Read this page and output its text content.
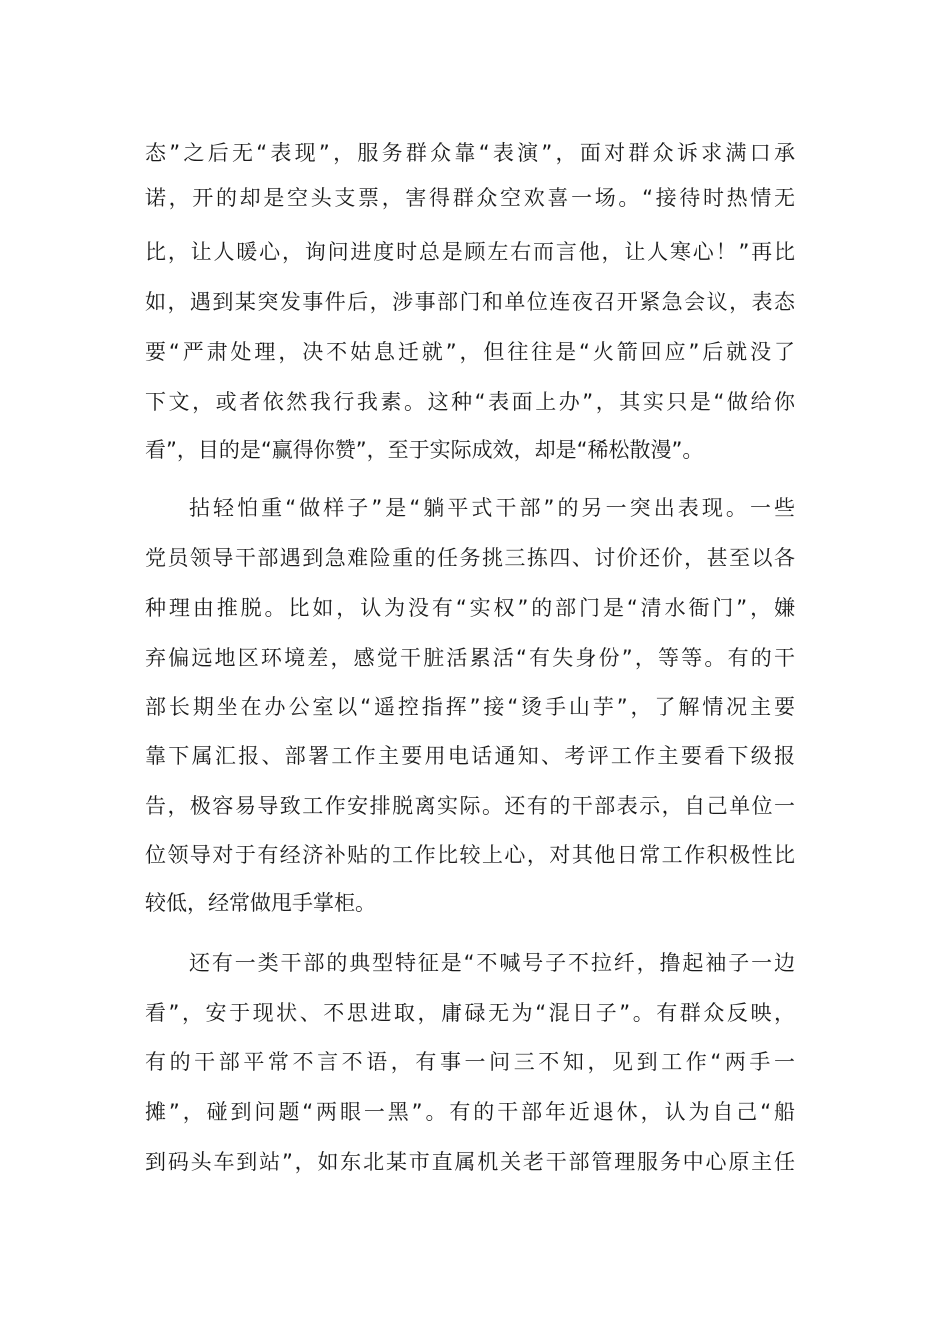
态”之后无“表现”，服务群众靠“表演”，面对群众诉求满口承
诺，开的却是空头支票，害得群众空欢喜一场。“接待时热情无
比，让人暖心，询问进度时总是顾左右而言他，让人寒心！”再比
如，遇到某突发事件后，涉事部门和单位连夜召开紧急会议，表态
要“严肃处理，决不姑息迁就”，但往往是“火箭回应”后就没了
下文，或者依然我行我素。这种“表面上办”，其实只是“做给你
看”，目的是“赢得你赞”，至于实际成效，却是“稀松散漫”。
拈轻怕重“做样子”是“躺平式干部”的另一突出表现。一些
党员领导干部遇到急难险重的任务挑三拣四、讨价还价，甚至以各
种理由推脱。比如，认为没有“实权”的部门是“清水衙门”，嫌
弃偏远地区环境差，感觉干脏活累活“有失身份”，等等。有的干
部长期坐在办公室以“遥控指挥”接“烫手山芋”，了解情况主要
靠下属汇报、部署工作主要用电话通知、考评工作主要看下级报
告，极容易导致工作安排脱离实际。还有的干部表示，自己单位一
位领导对于有经济补贴的工作比较上心，对其他日常工作积极性比
较低，经常做甩手掌柜。
还有一类干部的典型特征是“不喊号子不拉纤，撸起袖子一边
看”，安于现状、不思进取，庸碌无为“混日子”。有群众反映，
有的干部平常不言不语，有事一问三不知，见到工作“两手一
摊”，碰到问题“两眼一黑”。有的干部年近退休，认为自己“船
到码头车到站”，如东北某市直属机关老干部管理服务中心原主任
